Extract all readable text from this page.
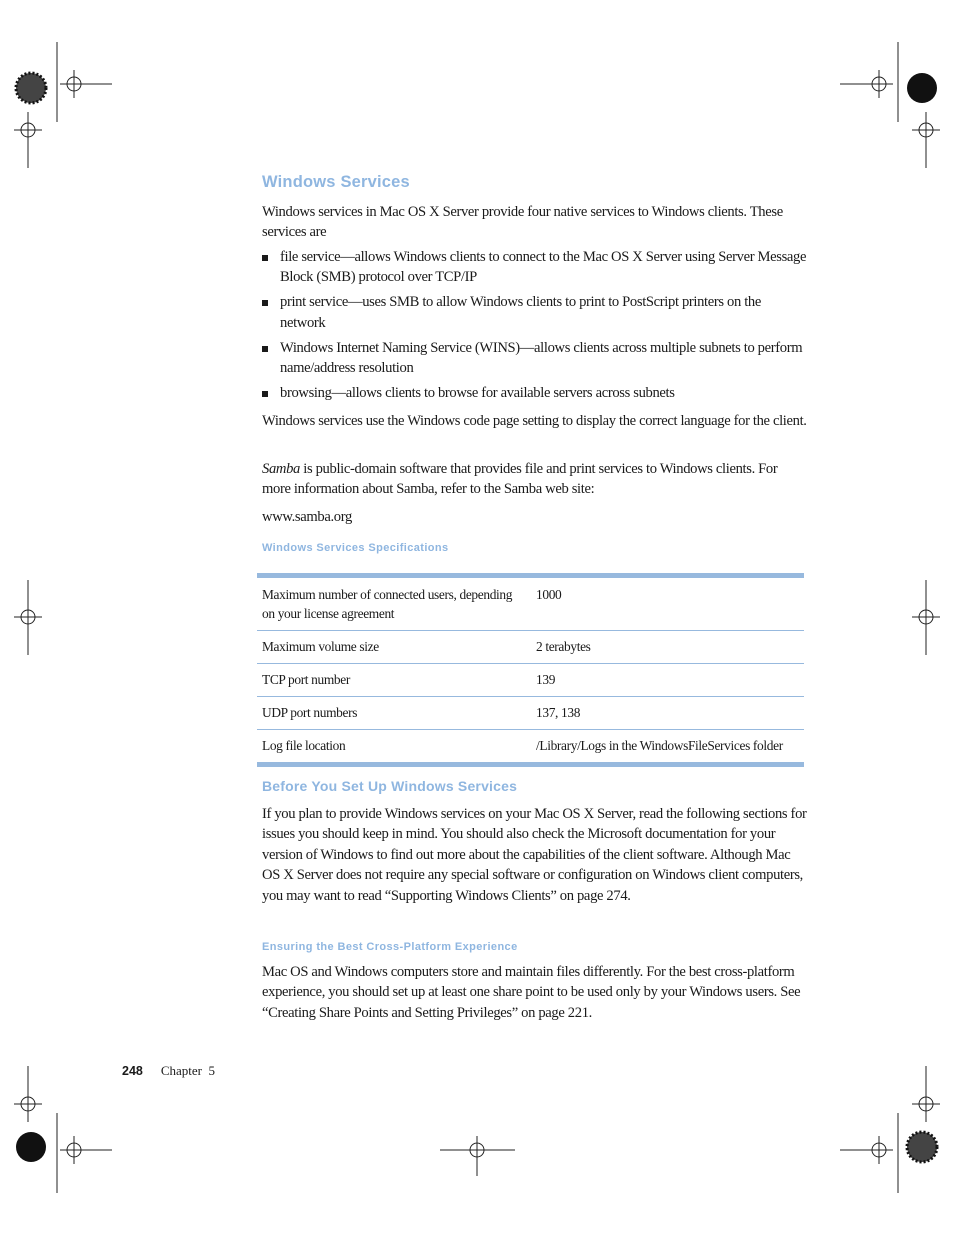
Windows Services
Windows services in Mac OS X Server provide four native services to Windows clients. These services are
file service—allows Windows clients to connect to the Mac OS X Server using Server Message Block (SMB) protocol over TCP/IP
print service—uses SMB to allow Windows clients to print to PostScript printers on the network
Windows Internet Naming Service (WINS)—allows clients across multiple subnets to perform name/address resolution
browsing—allows clients to browse for available servers across subnets
Windows services use the Windows code page setting to display the correct language for the client.
Samba is public-domain software that provides file and print services to Windows clients. For more information about Samba, refer to the Samba web site:
www.samba.org
Windows Services Specifications
Maximum number of connected users, depending on your license agreement	1000
Maximum volume size	2 terabytes
TCP port number	139
UDP port numbers	137, 138
Log file location	/Library/Logs in the WindowsFileServices folder
Before You Set Up Windows Services
If you plan to provide Windows services on your Mac OS X Server, read the following sections for issues you should keep in mind. You should also check the Microsoft documentation for your version of Windows to find out more about the capabilities of the client software. Although Mac OS X Server does not require any special software or configuration on Windows client computers, you may want to read “Supporting Windows Clients” on page 274.
Ensuring the Best Cross-Platform Experience
Mac OS and Windows computers store and maintain files differently. For the best cross-platform experience, you should set up at least one share point to be used only by your Windows users. See “Creating Share Points and Setting Privileges” on page 221.
248 Chapter  5
